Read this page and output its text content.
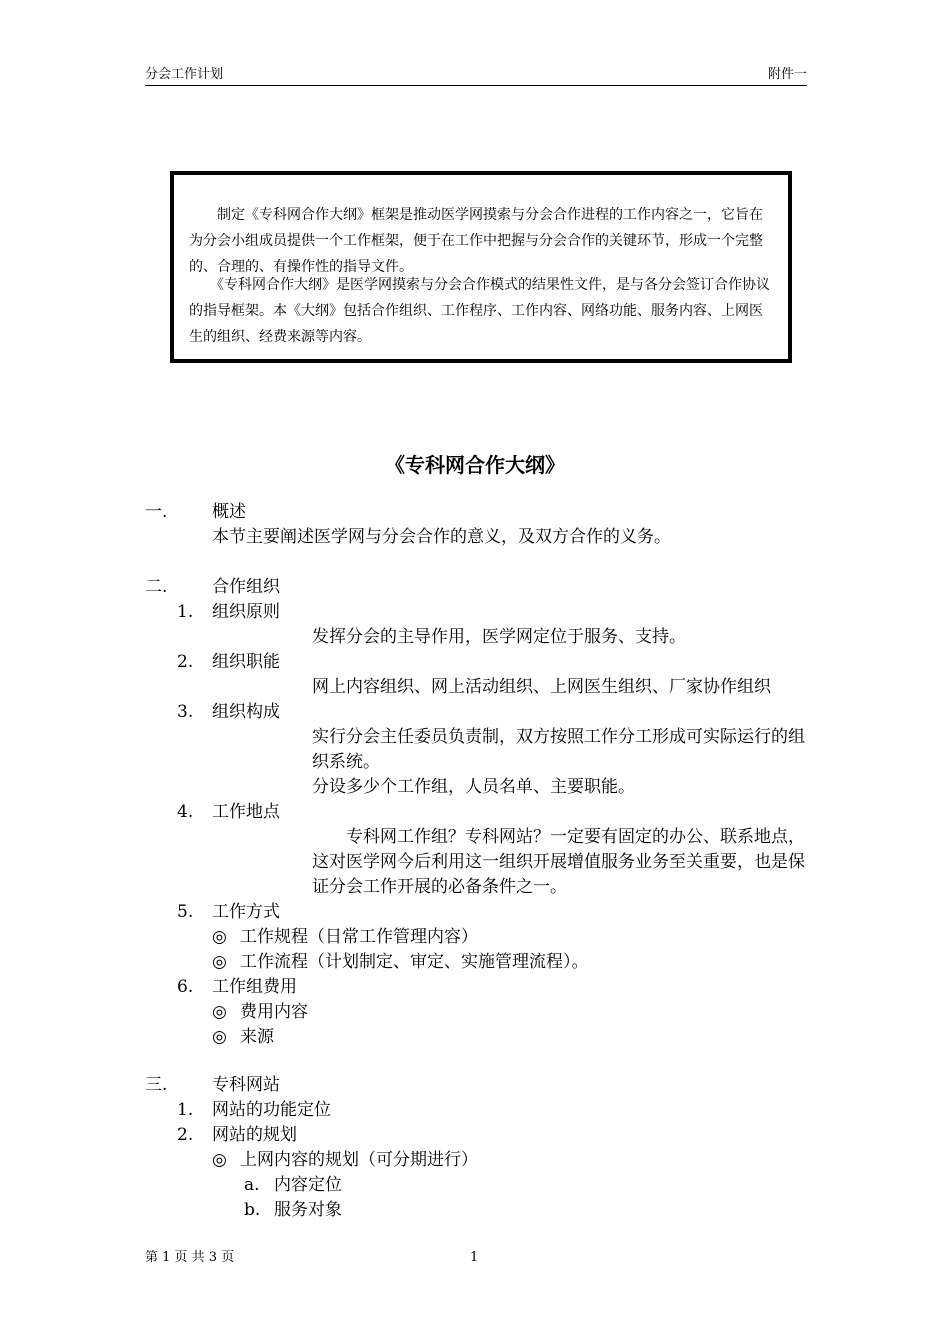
分会工作计划	附件一
　　制定《专科网合作大纲》框架是推动医学网摸索与分会合作进程的工作内容之一，它旨在为分会小组成员提供一个工作框架，便于在工作中把握与分会合作的关键环节，形成一个完整的、合理的、有操作性的指导文件。
　　《专科网合作大纲》是医学网摸索与分会合作模式的结果性文件，是与各分会签订合作协议的指导框架。本《大纲》包括合作组织、工作程序、工作内容、网络功能、服务内容、上网医生的组织、经费来源等内容。
《专科网合作大纲》
一.	概述
本节主要阐述医学网与分会合作的意义，及双方合作的义务。
二.	合作组织
1. 组织原则
发挥分会的主导作用，医学网定位于服务、支持。
2. 组织职能
网上内容组织、网上活动组织、上网医生组织、厂家协作组织
3. 组织构成
实行分会主任委员负责制，双方按照工作分工形成可实际运行的组织系统。
分设多少个工作组，人员名单、主要职能。
4. 工作地点
　　专科网工作组？专科网站？一定要有固定的办公、联系地点，这对医学网今后利用这一组织开展增值服务业务至关重要，也是保证分会工作开展的必备条件之一。
5. 工作方式
◎ 工作规程（日常工作管理内容）
◎ 工作流程（计划制定、审定、实施管理流程）。
6. 工作组费用
◎ 费用内容
◎ 来源
三.	专科网站
1. 网站的功能定位
2. 网站的规划
◎ 上网内容的规划（可分期进行）
a. 内容定位
b. 服务对象
第 1 页 共 3 页	1
